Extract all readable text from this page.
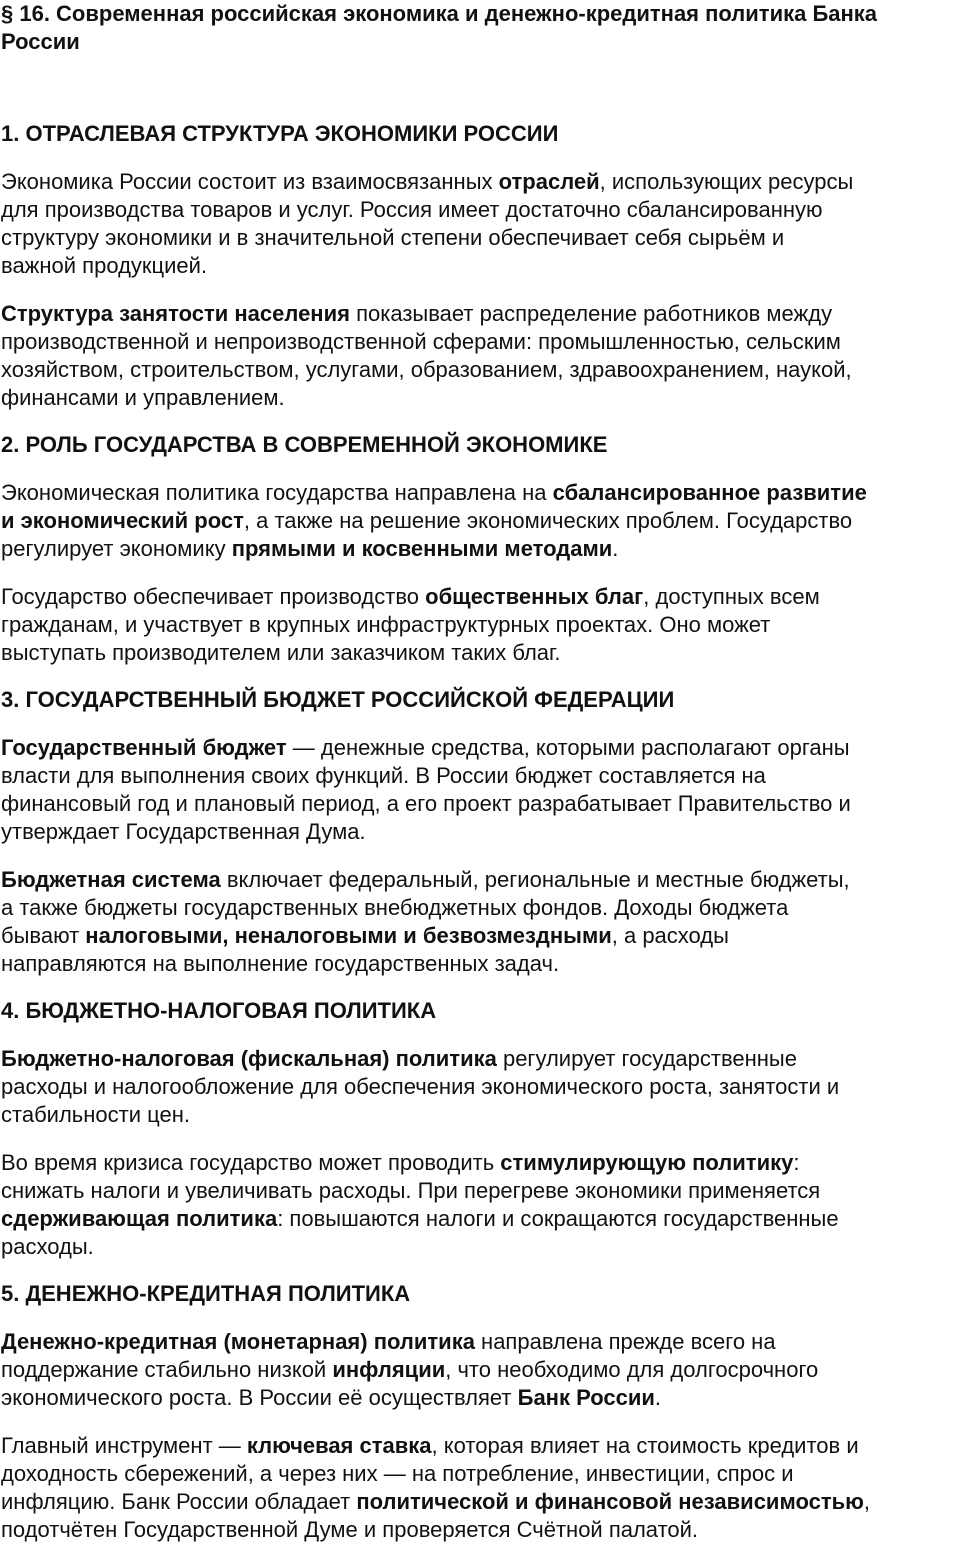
§ 16. Современная российская экономика и денежно-кредитная политика Банка России
1. ОТРАСЛЕВАЯ СТРУКТУРА ЭКОНОМИКИ РОССИИ

Экономика России состоит из взаимосвязанных отраслей, использующих ресурсы
для производства товаров и услуг. Россия имеет достаточно сбалансированную
структуру экономики и в значительной степени обеспечивает себя сырьём и
важной продукцией.

Структура занятости населения показывает распределение работников между
производственной и непроизводственной сферами: промышленностью, сельским
хозяйством, строительством, услугами, образованием, здравоохранением, наукой,
финансами и управлением.

2. РОЛЬ ГОСУДАРСТВА В СОВРЕМЕННОЙ ЭКОНОМИКЕ

Экономическая политика государства направлена на сбалансированное развитие
и экономический рост, а также на решение экономических проблем. Государство
регулирует экономику прямыми и косвенными методами.

Государство обеспечивает производство общественных благ, доступных всем
гражданам, и участвует в крупных инфраструктурных проектах. Оно может
выступать производителем или заказчиком таких благ.

3. ГОСУДАРСТВЕННЫЙ БЮДЖЕТ РОССИЙСКОЙ ФЕДЕРАЦИИ

Государственный бюджет — денежные средства, которыми располагают органы
власти для выполнения своих функций. В России бюджет составляется на
финансовый год и плановый период, а его проект разрабатывает Правительство и
утверждает Государственная Дума.

Бюджетная система включает федеральный, региональные и местные бюджеты,
а также бюджеты государственных внебюджетных фондов. Доходы бюджета
бывают налоговыми, неналоговыми и безвозмездными, а расходы
направляются на выполнение государственных задач.

4. БЮДЖЕТНО-НАЛОГОВАЯ ПОЛИТИКА

Бюджетно-налоговая (фискальная) политика регулирует государственные
расходы и налогообложение для обеспечения экономического роста, занятости и
стабильности цен.

Во время кризиса государство может проводить стимулирующую политику:
снижать налоги и увеличивать расходы. При перегреве экономики применяется
сдерживающая политика: повышаются налоги и сокращаются государственные
расходы.

5. ДЕНЕЖНО-КРЕДИТНАЯ ПОЛИТИКА

Денежно-кредитная (монетарная) политика направлена прежде всего на
поддержание стабильно низкой инфляции, что необходимо для долгосрочного
экономического роста. В России её осуществляет Банк России.

Главный инструмент — ключевая ставка, которая влияет на стоимость кредитов и
доходность сбережений, а через них — на потребление, инвестиции, спрос и
инфляцию. Банк России обладает политической и финансовой независимостью,
подотчётен Государственной Думе и проверяется Счётной палатой.
